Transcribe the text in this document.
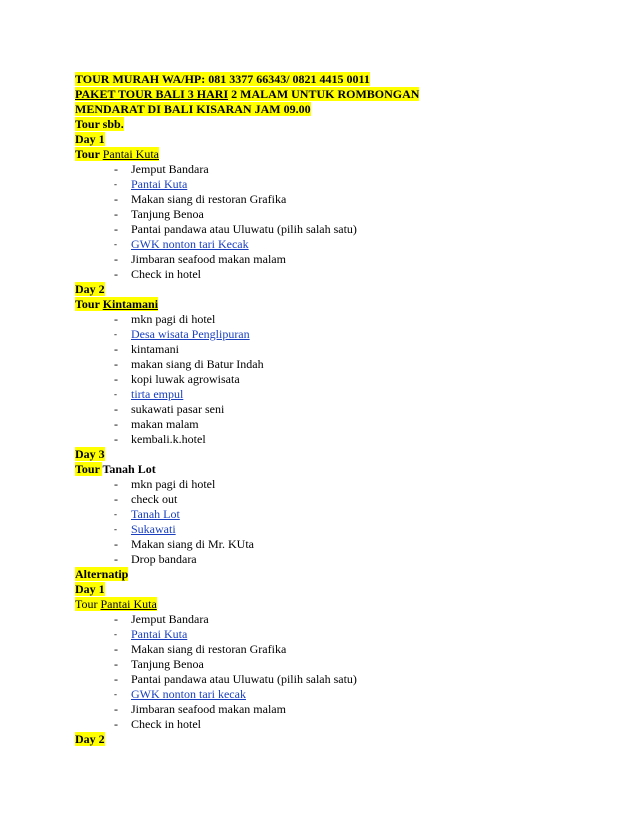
TOUR MURAH WA/HP: 081 3377 66343/ 0821 4415 0011
PAKET TOUR BALI 3 HARI 2 MALAM UNTUK ROMBONGAN
MENDARAT DI BALI KISARAN JAM 09.00
Tour sbb.
Day 1
Tour Pantai Kuta
- Jemput Bandara
- Pantai Kuta
- Makan siang di restoran Grafika
- Tanjung Benoa
- Pantai pandawa atau Uluwatu (pilih salah satu)
- GWK nonton tari Kecak
- Jimbaran seafood makan malam
- Check in hotel
Day 2
Tour Kintamani
- mkn pagi di hotel
- Desa wisata Penglipuran
- kintamani
- makan siang di Batur Indah
- kopi luwak agrowisata
- tirta empul
- sukawati pasar seni
- makan malam
- kembali.k.hotel
Day 3
Tour Tanah Lot
- mkn pagi di hotel
- check out
- Tanah Lot
- Sukawati
- Makan siang di Mr. KUta
- Drop bandara
Alternatip
Day 1
Tour Pantai Kuta
- Jemput Bandara
- Pantai Kuta
- Makan siang di restoran Grafika
- Tanjung Benoa
- Pantai pandawa atau Uluwatu (pilih salah satu)
- GWK nonton tari kecak
- Jimbaran seafood makan malam
- Check in hotel
Day 2
